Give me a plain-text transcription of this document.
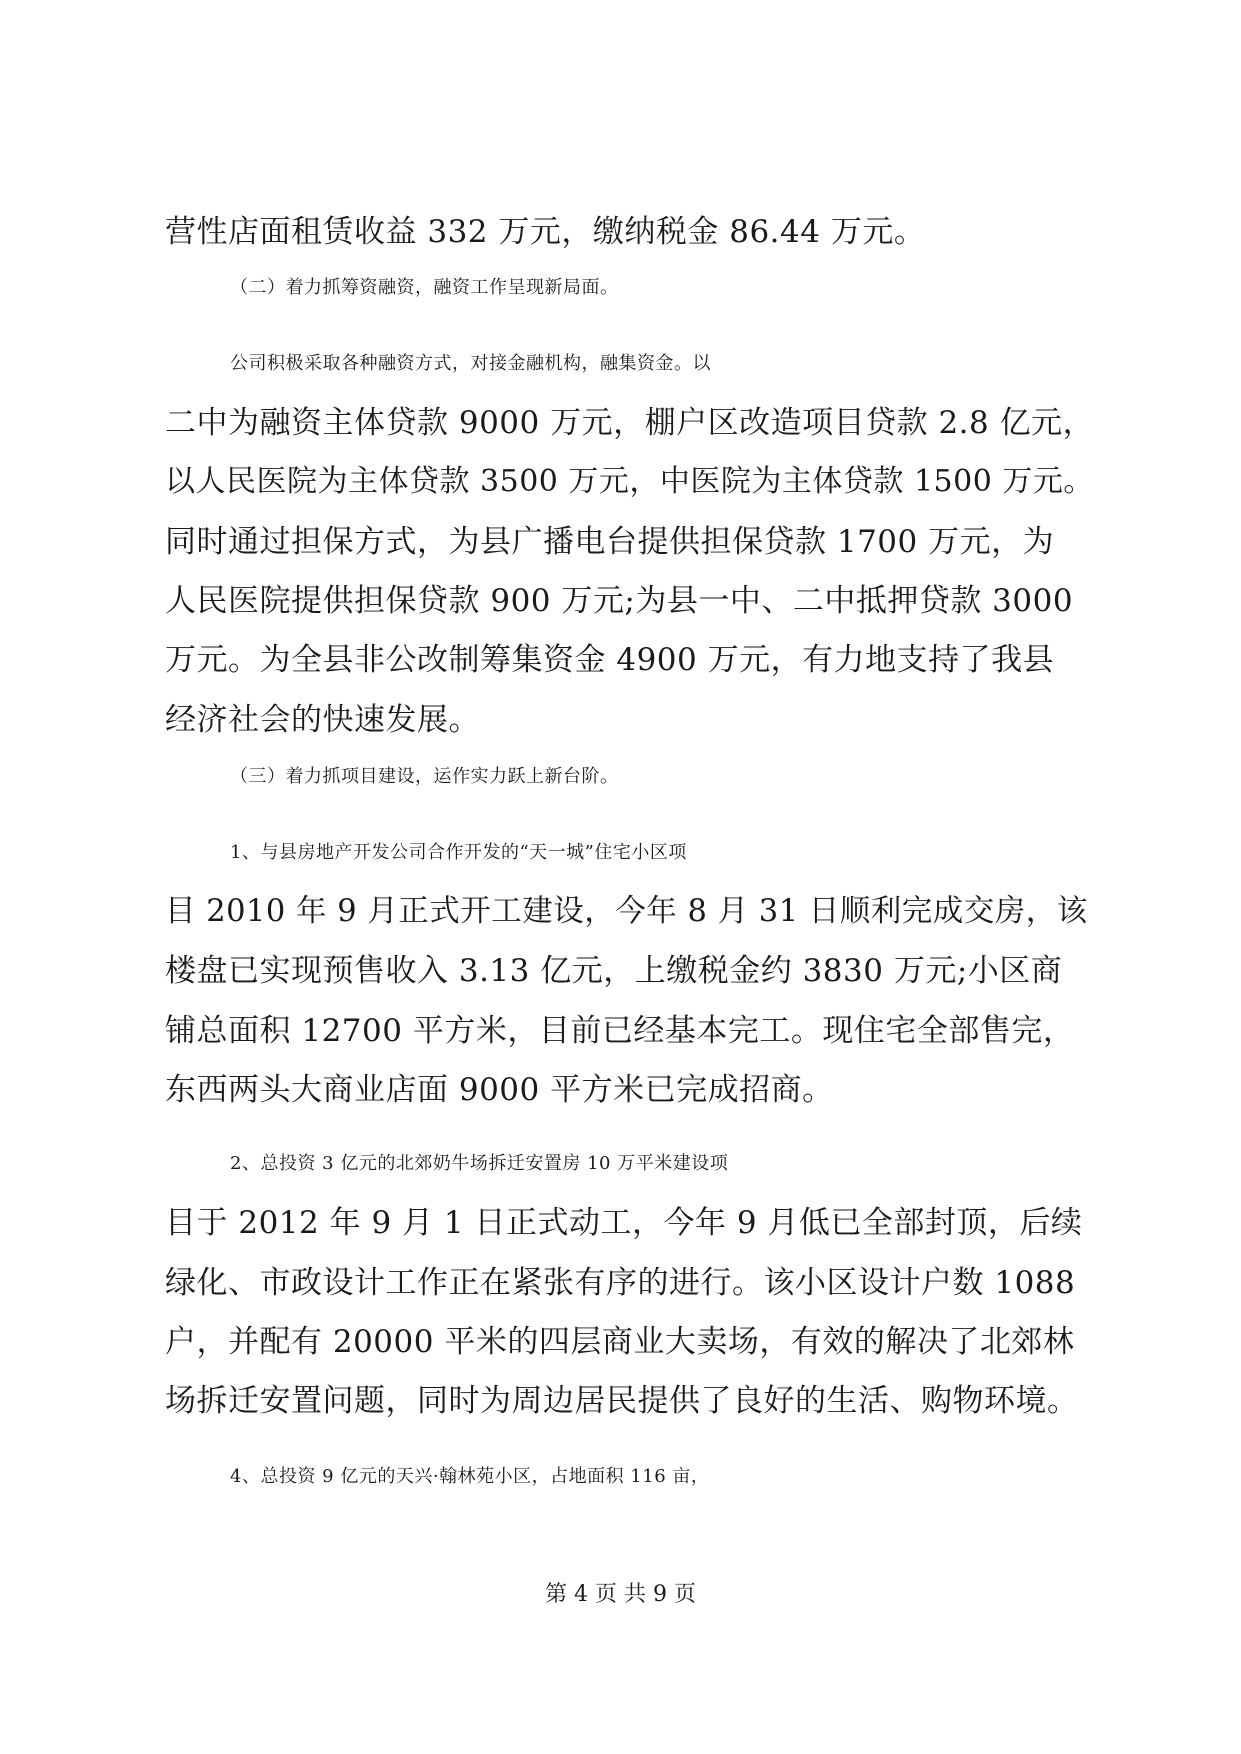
营性店面租赁收益 332 万元，缴纳税金 86.44 万元。
（二）着力抓筹资融资，融资工作呈现新局面。
公司积极采取各种融资方式，对接金融机构，融集资金。以
二中为融资主体贷款 9000 万元，棚户区改造项目贷款 2.8 亿元，
以人民医院为主体贷款 3500 万元，中医院为主体贷款 1500 万元。
同时通过担保方式，为县广播电台提供担保贷款 1700 万元，为
人民医院提供担保贷款 900 万元;为县一中、二中抵押贷款 3000
万元。为全县非公改制筹集资金 4900 万元，有力地支持了我县
经济社会的快速发展。
（三）着力抓项目建设，运作实力跃上新台阶。
1、与县房地产开发公司合作开发的“天一城”住宅小区项
目 2010 年 9 月正式开工建设，今年 8 月 31 日顺利完成交房，该
楼盘已实现预售收入 3.13 亿元，上缴税金约 3830 万元;小区商
铺总面积 12700 平方米，目前已经基本完工。现住宅全部售完，
东西两头大商业店面 9000 平方米已完成招商。
2、总投资 3 亿元的北郊奶牛场拆迁安置房 10 万平米建设项
目于 2012 年 9 月 1 日正式动工，今年 9 月低已全部封顶，后续
绿化、市政设计工作正在紧张有序的进行。该小区设计户数 1088
户，并配有 20000 平米的四层商业大卖场，有效的解决了北郊林
场拆迁安置问题，同时为周边居民提供了良好的生活、购物环境。
4、总投资 9 亿元的天兴·翰林苑小区，占地面积 116 亩，
第 4 页 共 9 页
